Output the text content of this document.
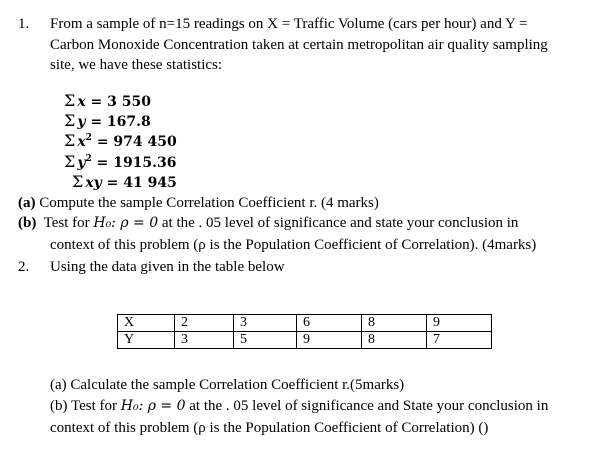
1. From a sample of n=15 readings on X = Traffic Volume (cars per hour) and Y =
Carbon Monoxide Concentration taken at certain metropolitan air quality sampling
site, we have these statistics:
Σ x = 3 550
Σ y = 167.8
Σ $x^2 = 974$ 450
Σ $y^2 = 1915.36$
Σ xy = 41 945
(a) Compute the sample Correlation Coefficient r. (4 marks)
(b) Test for H₀: ρ = 0 at the . 05 level of significance and state your conclusion in
context of this problem (ρ is the Population Coefficient of Correlation). (4marks)
2. Using the data given in the table below
X	2	3	6	8	9
Y	3	5	9	8	7
(a) Calculate the sample Correlation Coefficient r.(5marks)
(b) Test for H₀: ρ = 0 at the . 05 level of significance and State your conclusion in
context of this problem (ρ is the Population Coefficient of Correlation) ()
